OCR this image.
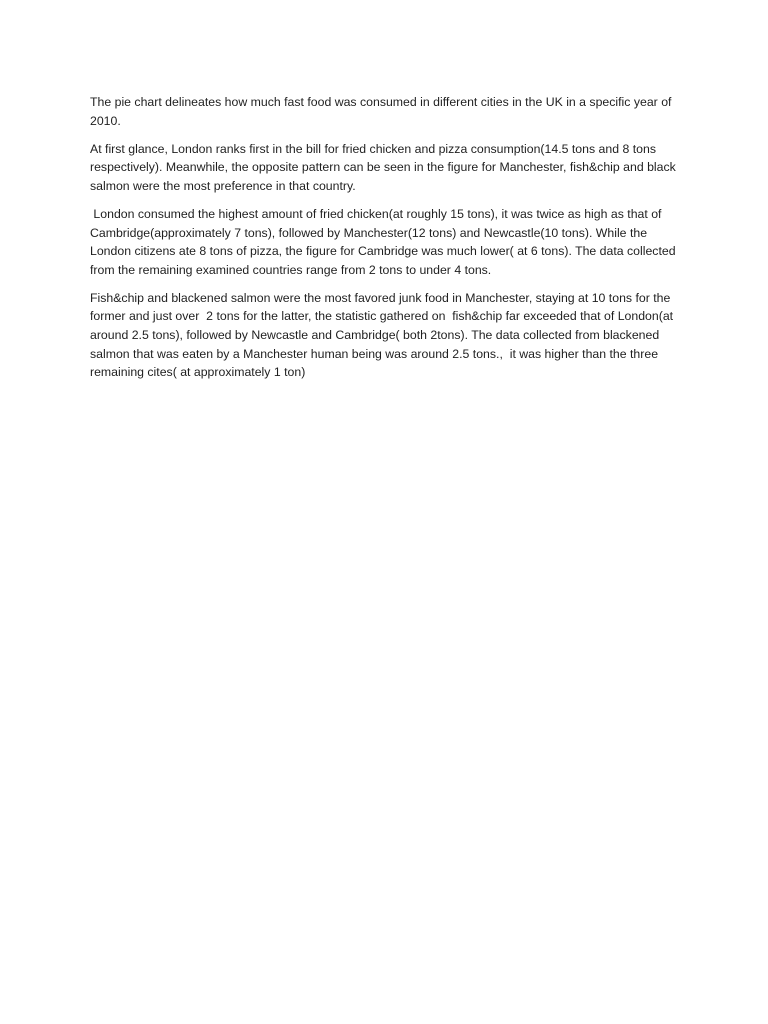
The pie chart delineates how much fast food was consumed in different cities in the UK in a specific year of 2010.

At first glance, London ranks first in the bill for fried chicken and pizza consumption(14.5 tons and 8 tons respectively). Meanwhile, the opposite pattern can be seen in the figure for Manchester, fish&chip and black salmon were the most preference in that country.

London consumed the highest amount of fried chicken(at roughly 15 tons), it was twice as high as that of Cambridge(approximately 7 tons), followed by Manchester(12 tons) and Newcastle(10 tons). While the London citizens ate 8 tons of pizza, the figure for Cambridge was much lower( at 6 tons). The data collected from the remaining examined countries range from 2 tons to under 4 tons.

Fish&chip and blackened salmon were the most favored junk food in Manchester, staying at 10 tons for the former and just over  2 tons for the latter, the statistic gathered on  fish&chip far exceeded that of London(at around 2.5 tons), followed by Newcastle and Cambridge( both 2tons). The data collected from blackened salmon that was eaten by a Manchester human being was around 2.5 tons.,  it was higher than the three remaining cites( at approximately 1 ton)
